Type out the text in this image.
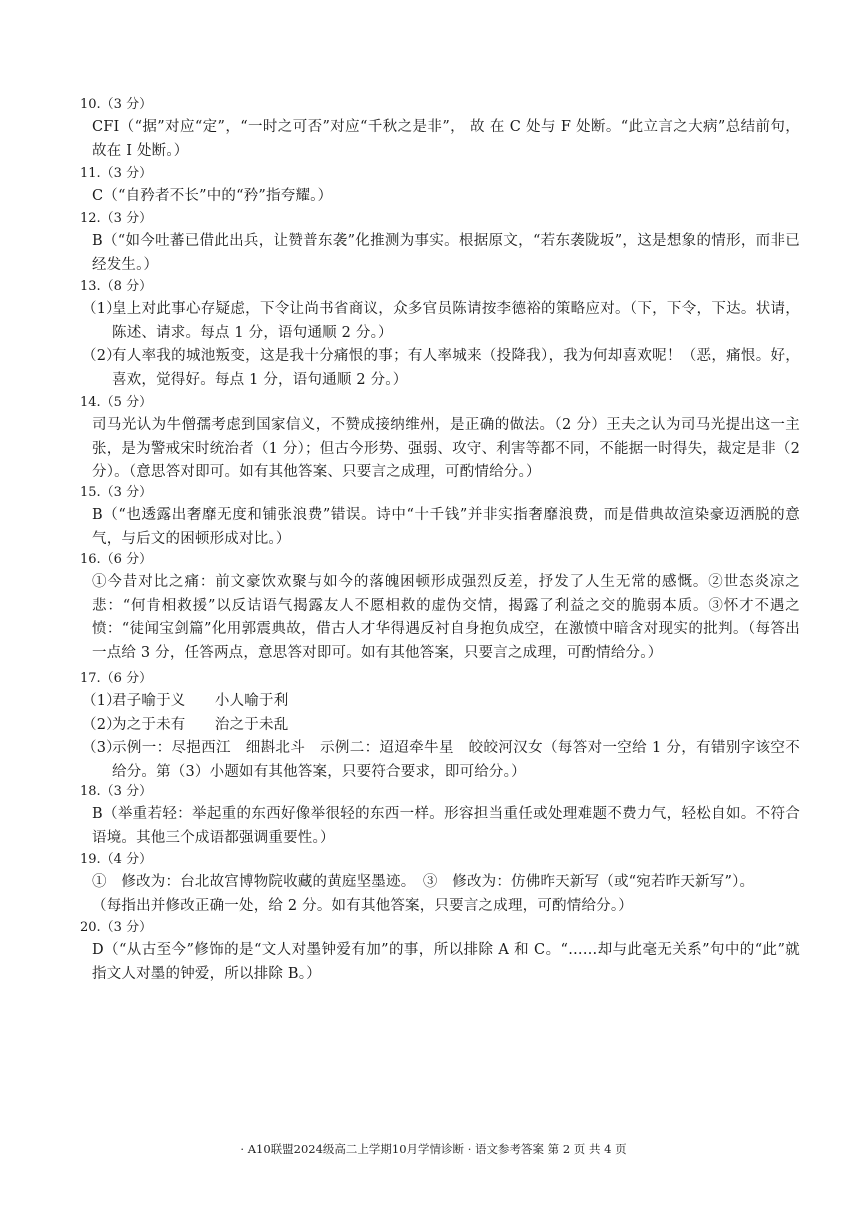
10.（3 分）
CFI（“据”对应“定”，“一时之可否”对应“千秋之是非”， 故 在 C 处与 F 处断。“此立言之大病”总结前句，故在 I 处断。）
11.（3 分）
C（“自矜者不长”中的“矜”指夸耀。）
12.（3 分）
B（“如今吐蕃已借此出兵，让赞普东袭”化推测为事实。根据原文，“若东袭陇坂”，这是想象的情形，而非已经发生。）
13.（8 分）
（1）
皇上对此事心存疑虑，下令让尚书省商议，众多官员陈请按李德裕的策略应对。（下，下令，下达。状请，陈述、请求。每点 1 分，语句通顺 2 分。）
（2）
有人率我的城池叛变，这是我十分痛恨的事；有人率城来（投降我），我为何却喜欢呢！（恶，痛恨。好，喜欢，觉得好。每点 1 分，语句通顺 2 分。）
14.（5 分）
司马光认为牛僧孺考虑到国家信义，不赞成接纳维州，是正确的做法。（2 分）王夫之认为司马光提出这一主张，是为警戒宋时统治者（1 分）；但古今形势、强弱、攻守、利害等都不同，不能据一时得失，裁定是非（2 分）。（意思答对即可。如有其他答案、只要言之成理，可酌情给分。）
15.（3 分）
B（“也透露出奢靡无度和铺张浪费”错误。诗中“十千钱”并非实指奢靡浪费，而是借典故渲染豪迈洒脱的意气，与后文的困顿形成对比。）
16.（6 分）
①今昔对比之痛：前文豪饮欢聚与如今的落魄困顿形成强烈反差，抒发了人生无常的感慨。②世态炎凉之悲：“何肯相救援”以反诘语气揭露友人不愿相救的虚伪交情，揭露了利益之交的脆弱本质。③怀才不遇之愤：“徒闻宝剑篇”化用郭震典故，借古人才华得遇反衬自身抱负成空，在激愤中暗含对现实的批判。（每答出一点给 3 分，任答两点，意思答对即可。如有其他答案，只要言之成理，可酌情给分。）
17.（6 分）
（1）
君子喻于义　　小人喻于利
（2）
为之于未有　　治之于未乱
（3）
示例一：尽挹西江　细斟北斗　示例二：迢迢牵牛星　皎皎河汉女（每答对一空给 1 分，有错别字该空不给分。第（3）小题如有其他答案，只要符合要求，即可给分。）
18.（3 分）
B（举重若轻：举起重的东西好像举很轻的东西一样。形容担当重任或处理难题不费力气，轻松自如。不符合语境。其他三个成语都强调重要性。）
19.（4 分）
①　修改为：台北故宫博物院收藏的黄庭坚墨迹。　③　修改为：仿佛昨天新写（或“宛若昨天新写”）。
（每指出并修改正确一处，给 2 分。如有其他答案，只要言之成理，可酌情给分。）
20.（3 分）
D（“从古至今”修饰的是“文人对墨钟爱有加”的事，所以排除 A 和 C。“……却与此毫无关系”句中的“此”就指文人对墨的钟爱，所以排除 B。）
· A10联盟2024级高二上学期10月学情诊断 · 语文参考答案 第 2 页 共 4 页
